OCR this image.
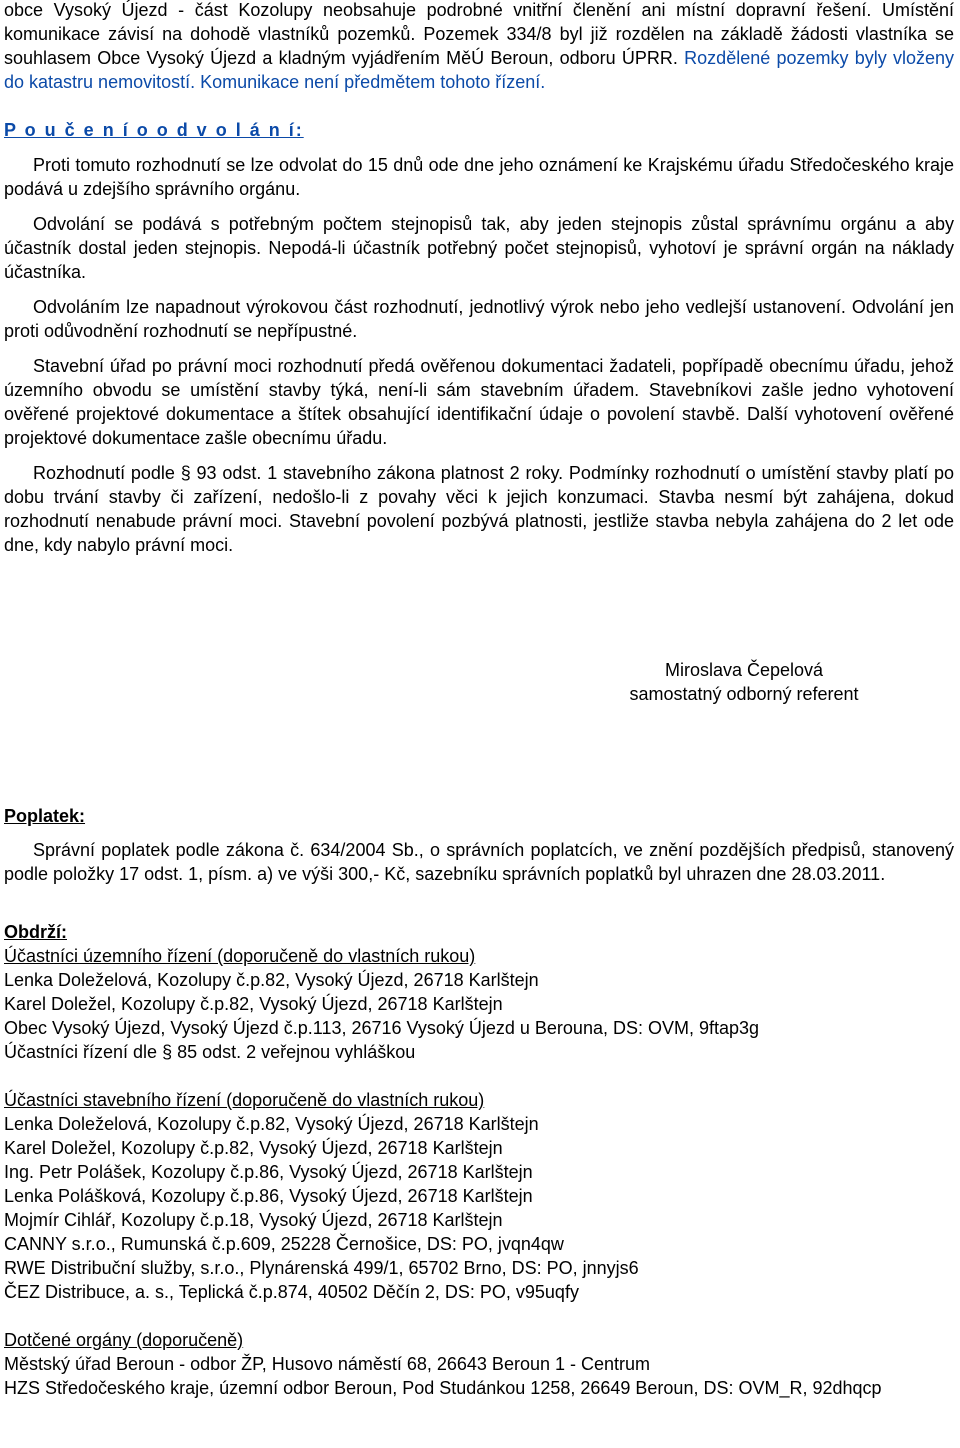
obce Vysoký Újezd - část Kozolupy neobsahuje podrobné vnitřní členění ani místní dopravní řešení. Umístění komunikace závisí na dohodě vlastníků pozemků. Pozemek 334/8 byl již rozdělen na základě žádosti vlastníka se souhlasem Obce Vysoký Újezd a kladným vyjádřením MěÚ Beroun, odboru ÚPRR. Rozdělené pozemky byly vloženy do katastru nemovitostí. Komunikace není předmětem tohoto řízení.

P o u č e n í o o d v o l á n í:

Proti tomuto rozhodnutí se lze odvolat do 15 dnů ode dne jeho oznámení ke Krajskému úřadu Středočeského kraje podává u zdejšího správního orgánu.

Odvolání se podává s potřebným počtem stejnopisů tak, aby jeden stejnopis zůstal správnímu orgánu a aby účastník dostal jeden stejnopis. Nepodá-li účastník potřebný počet stejnopisů, vyhotoví je správní orgán na náklady účastníka.

Odvoláním lze napadnout výrokovou část rozhodnutí, jednotlivý výrok nebo jeho vedlejší ustanovení. Odvolání jen proti odůvodnění rozhodnutí se nepřípustné.

Stavební úřad po právní moci rozhodnutí předá ověřenou dokumentaci žadateli, popřípadě obecnímu úřadu, jehož územního obvodu se umístění stavby týká, není-li sám stavebním úřadem. Stavebníkovi zašle jedno vyhotovení ověřené projektové dokumentace a štítek obsahující identifikační údaje o povolení stavbě. Další vyhotovení ověřené projektové dokumentace zašle obecnímu úřadu.

Rozhodnutí podle § 93 odst. 1 stavebního zákona platnost 2 roky. Podmínky rozhodnutí o umístění stavby platí po dobu trvání stavby či zařízení, nedošlo-li z povahy věci k jejich konzumaci. Stavba nesmí být zahájena, dokud rozhodnutí nenabude právní moci. Stavební povolení pozbývá platnosti, jestliže stavba nebyla zahájena do 2 let ode dne, kdy nabylo právní moci.

Miroslava Čepelová
samostatný odborný referent
Poplatek:

Správní poplatek podle zákona č. 634/2004 Sb., o správních poplatcích, ve znění pozdějších předpisů, stanovený podle položky 17 odst. 1, písm. a) ve výši 300,- Kč, sazebníku správních poplatků byl uhrazen dne 28.03.2011.

Obdrží:
Účastníci územního řízení (doporučeně do vlastních rukou)
Lenka Doleželová, Kozolupy č.p.82, Vysoký Újezd, 26718 Karlštejn
Karel Doležel, Kozolupy č.p.82, Vysoký Újezd, 26718 Karlštejn
Obec Vysoký Újezd, Vysoký Újezd č.p.113, 26716 Vysoký Újezd u Berouna, DS: OVM, 9ftap3g
Účastníci řízení dle § 85 odst. 2 veřejnou vyhláškou
Účastníci stavebního řízení (doporučeně do vlastních rukou)
Lenka Doleželová, Kozolupy č.p.82, Vysoký Újezd, 26718 Karlštejn
Karel Doležel, Kozolupy č.p.82, Vysoký Újezd, 26718 Karlštejn
Ing. Petr Polášek, Kozolupy č.p.86, Vysoký Újezd, 26718 Karlštejn
Lenka Polášková, Kozolupy č.p.86, Vysoký Újezd, 26718 Karlštejn
Mojmír Cihlář, Kozolupy č.p.18, Vysoký Újezd, 26718 Karlštejn
CANNY s.r.o., Rumunská č.p.609, 25228 Černošice, DS: PO, jvqn4qw
RWE Distribuční služby, s.r.o., Plynárenská 499/1, 65702 Brno, DS: PO, jnnyjs6
ČEZ Distribuce, a. s., Teplická č.p.874, 40502 Děčín 2, DS: PO, v95uqfy
Dotčené orgány (doporučeně)
Městský úřad Beroun - odbor ŽP, Husovo náměstí 68, 26643 Beroun 1 - Centrum

HZS Středočeského kraje, územní odbor Beroun, Pod Studánkou 1258, 26649 Beroun, DS: OVM_R, 92dhqcp
